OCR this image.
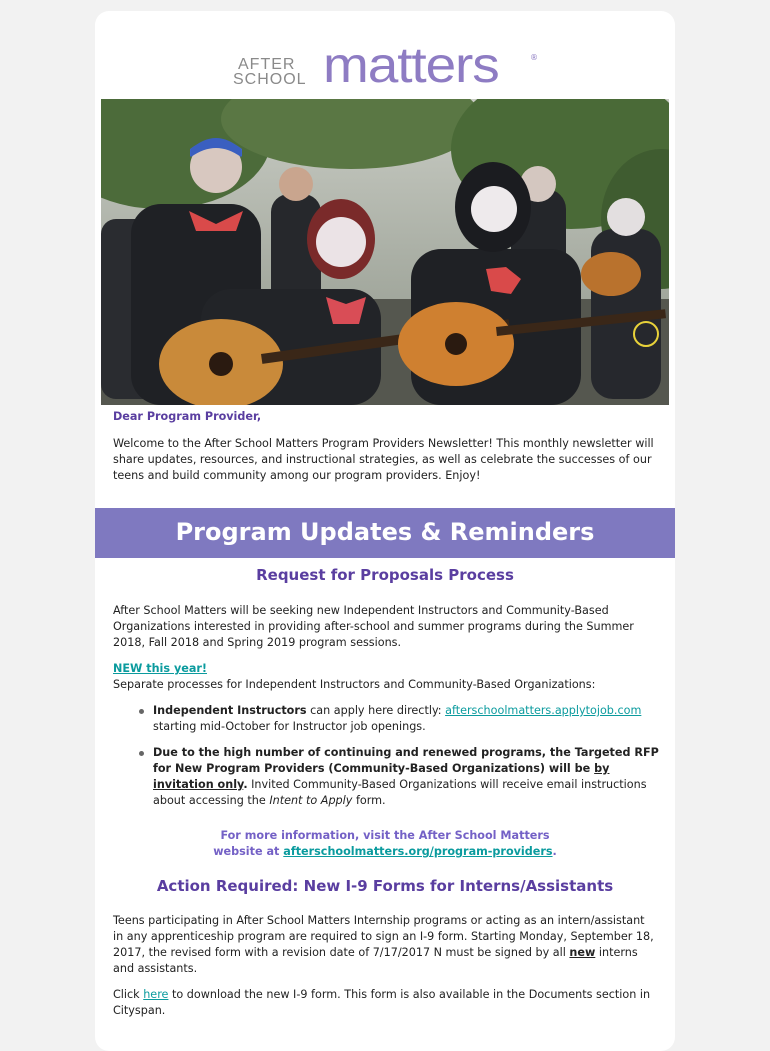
AFTER
SCHOOL matters	®
Dear Program Provider,
Welcome to the After School Matters Program Providers Newsletter! This monthly newsletter will share updates, resources, and instructional strategies, as well as celebrate the successes of our teens and build community among our program providers. Enjoy!
Program Updates & Reminders
Request for Proposals Process
After School Matters will be seeking new Independent Instructors and Community-Based Organizations interested in providing after-school and summer programs during the Summer 2018, Fall 2018 and Spring 2019 program sessions.
NEW this year!
Separate processes for Independent Instructors and Community-Based Organizations:
Independent Instructors can apply here directly: afterschoolmatters.applytojob.com starting mid-October for Instructor job openings.
Due to the high number of continuing and renewed programs, the Targeted RFP for New Program Providers (Community-Based Organizations) will be by invitation only. Invited Community-Based Organizations will receive email instructions about accessing the Intent to Apply form.
For more information, visit the After School Matters
website at afterschoolmatters.org/program-providers.
Action Required: New I-9 Forms for Interns/Assistants
Teens participating in After School Matters Internship programs or acting as an intern/assistant in any apprenticeship program are required to sign an I-9 form. Starting Monday, September 18, 2017, the revised form with a revision date of 7/17/2017 N must be signed by all new interns and assistants.
Click here to download the new I-9 form. This form is also available in the Documents section in Cityspan.
